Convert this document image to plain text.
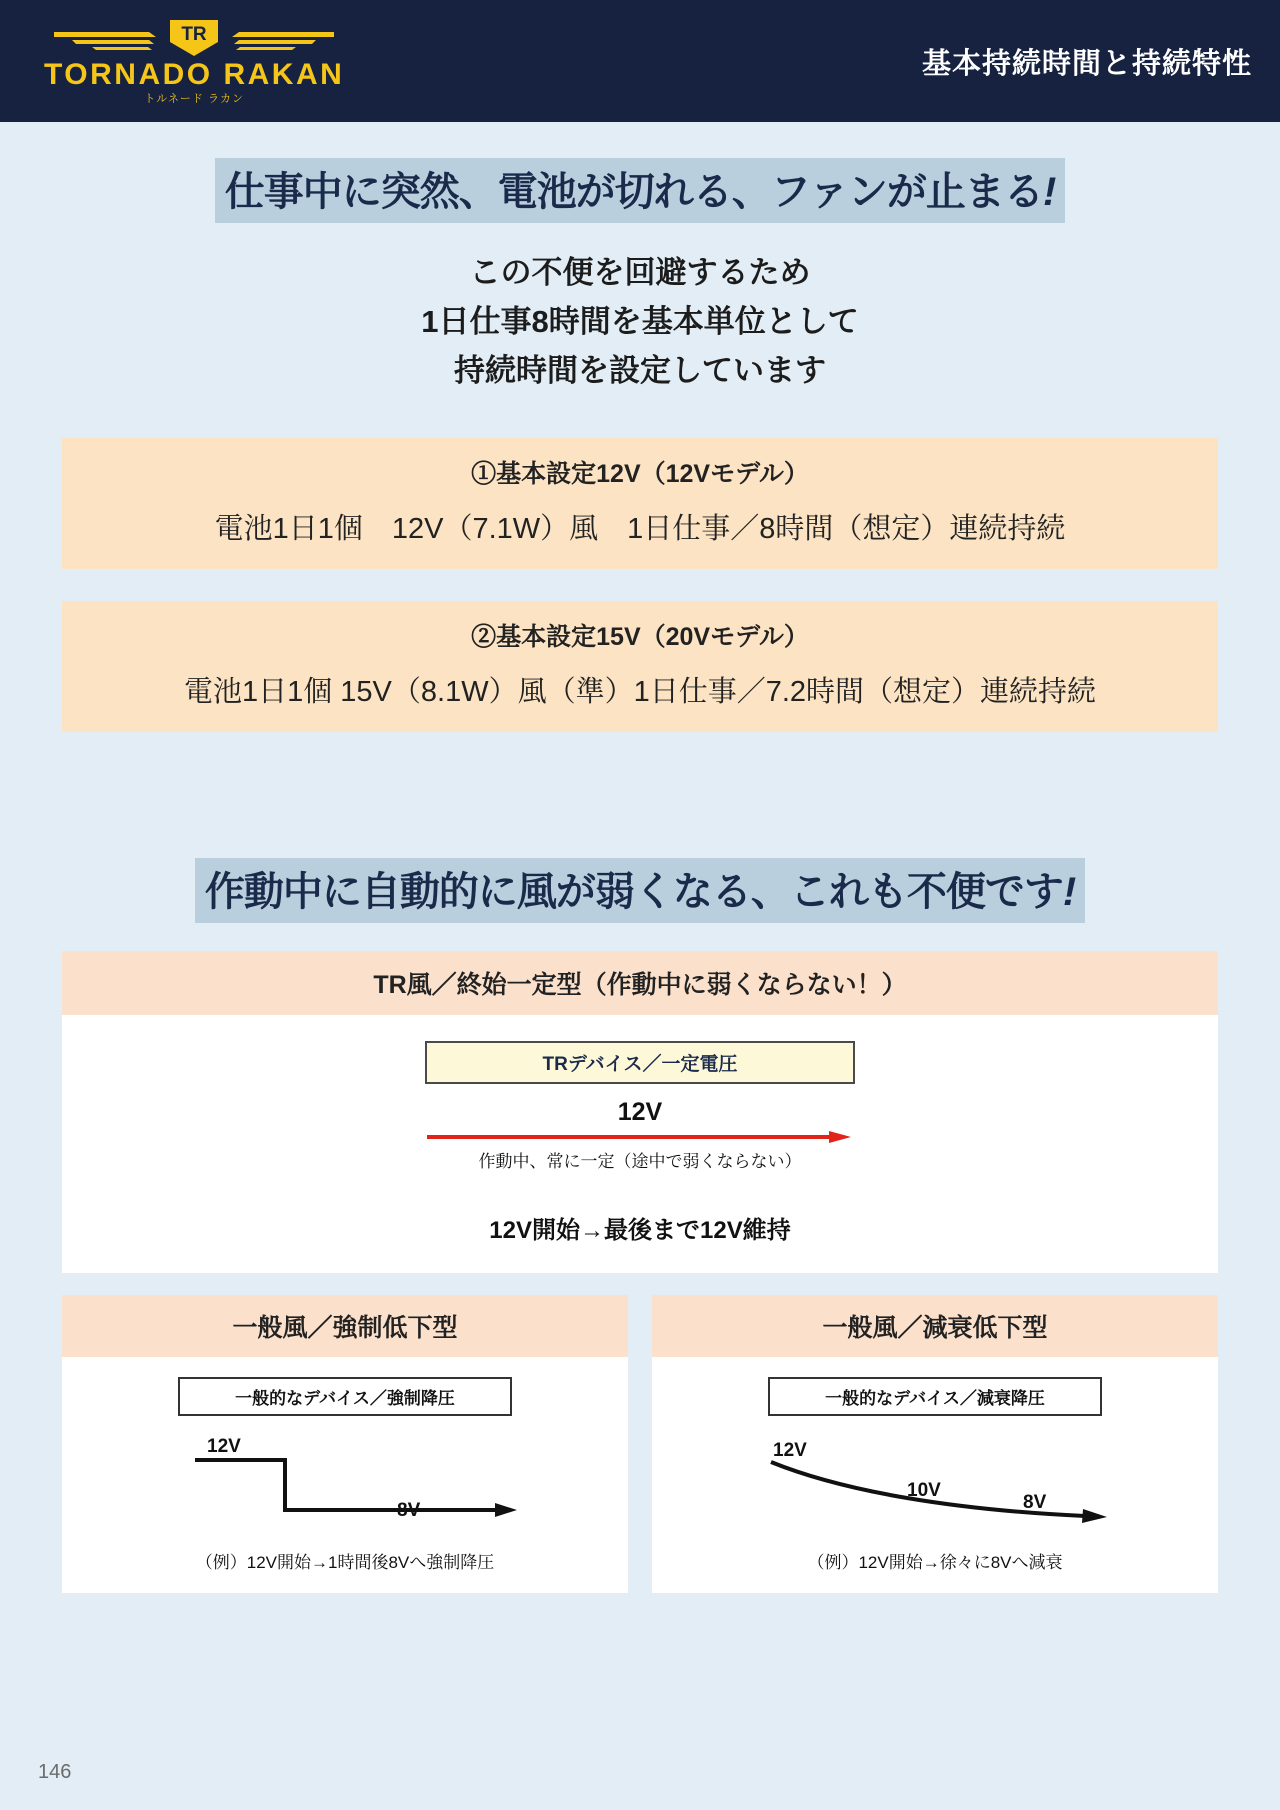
TR
TORNADO RAKAN
トルネード ラカン
基本持続時間と持続特性
仕事中に突然、電池が切れる、ファンが止まる!
この不便を回避するため
1日仕事8時間を基本単位として
持続時間を設定しています
①基本設定12V（12Vモデル）
電池1日1個　12V（7.1W）風　1日仕事／8時間（想定）連続持続
②基本設定15V（20Vモデル）
電池1日1個 15V（8.1W）風（準）1日仕事／7.2時間（想定）連続持続
作動中に自動的に風が弱くなる、これも不便です!
TR風／終始一定型（作動中に弱くならない！）
TRデバイス／一定電圧
12V
作動中、常に一定（途中で弱くならない）
12V開始→最後まで12V維持
一般風／強制低下型
一般的なデバイス／強制降圧
12V
8V
（例）12V開始→1時間後8Vへ強制降圧
一般風／減衰低下型
一般的なデバイス／減衰降圧
12V
10V
8V
（例）12V開始→徐々に8Vへ減衰
146
